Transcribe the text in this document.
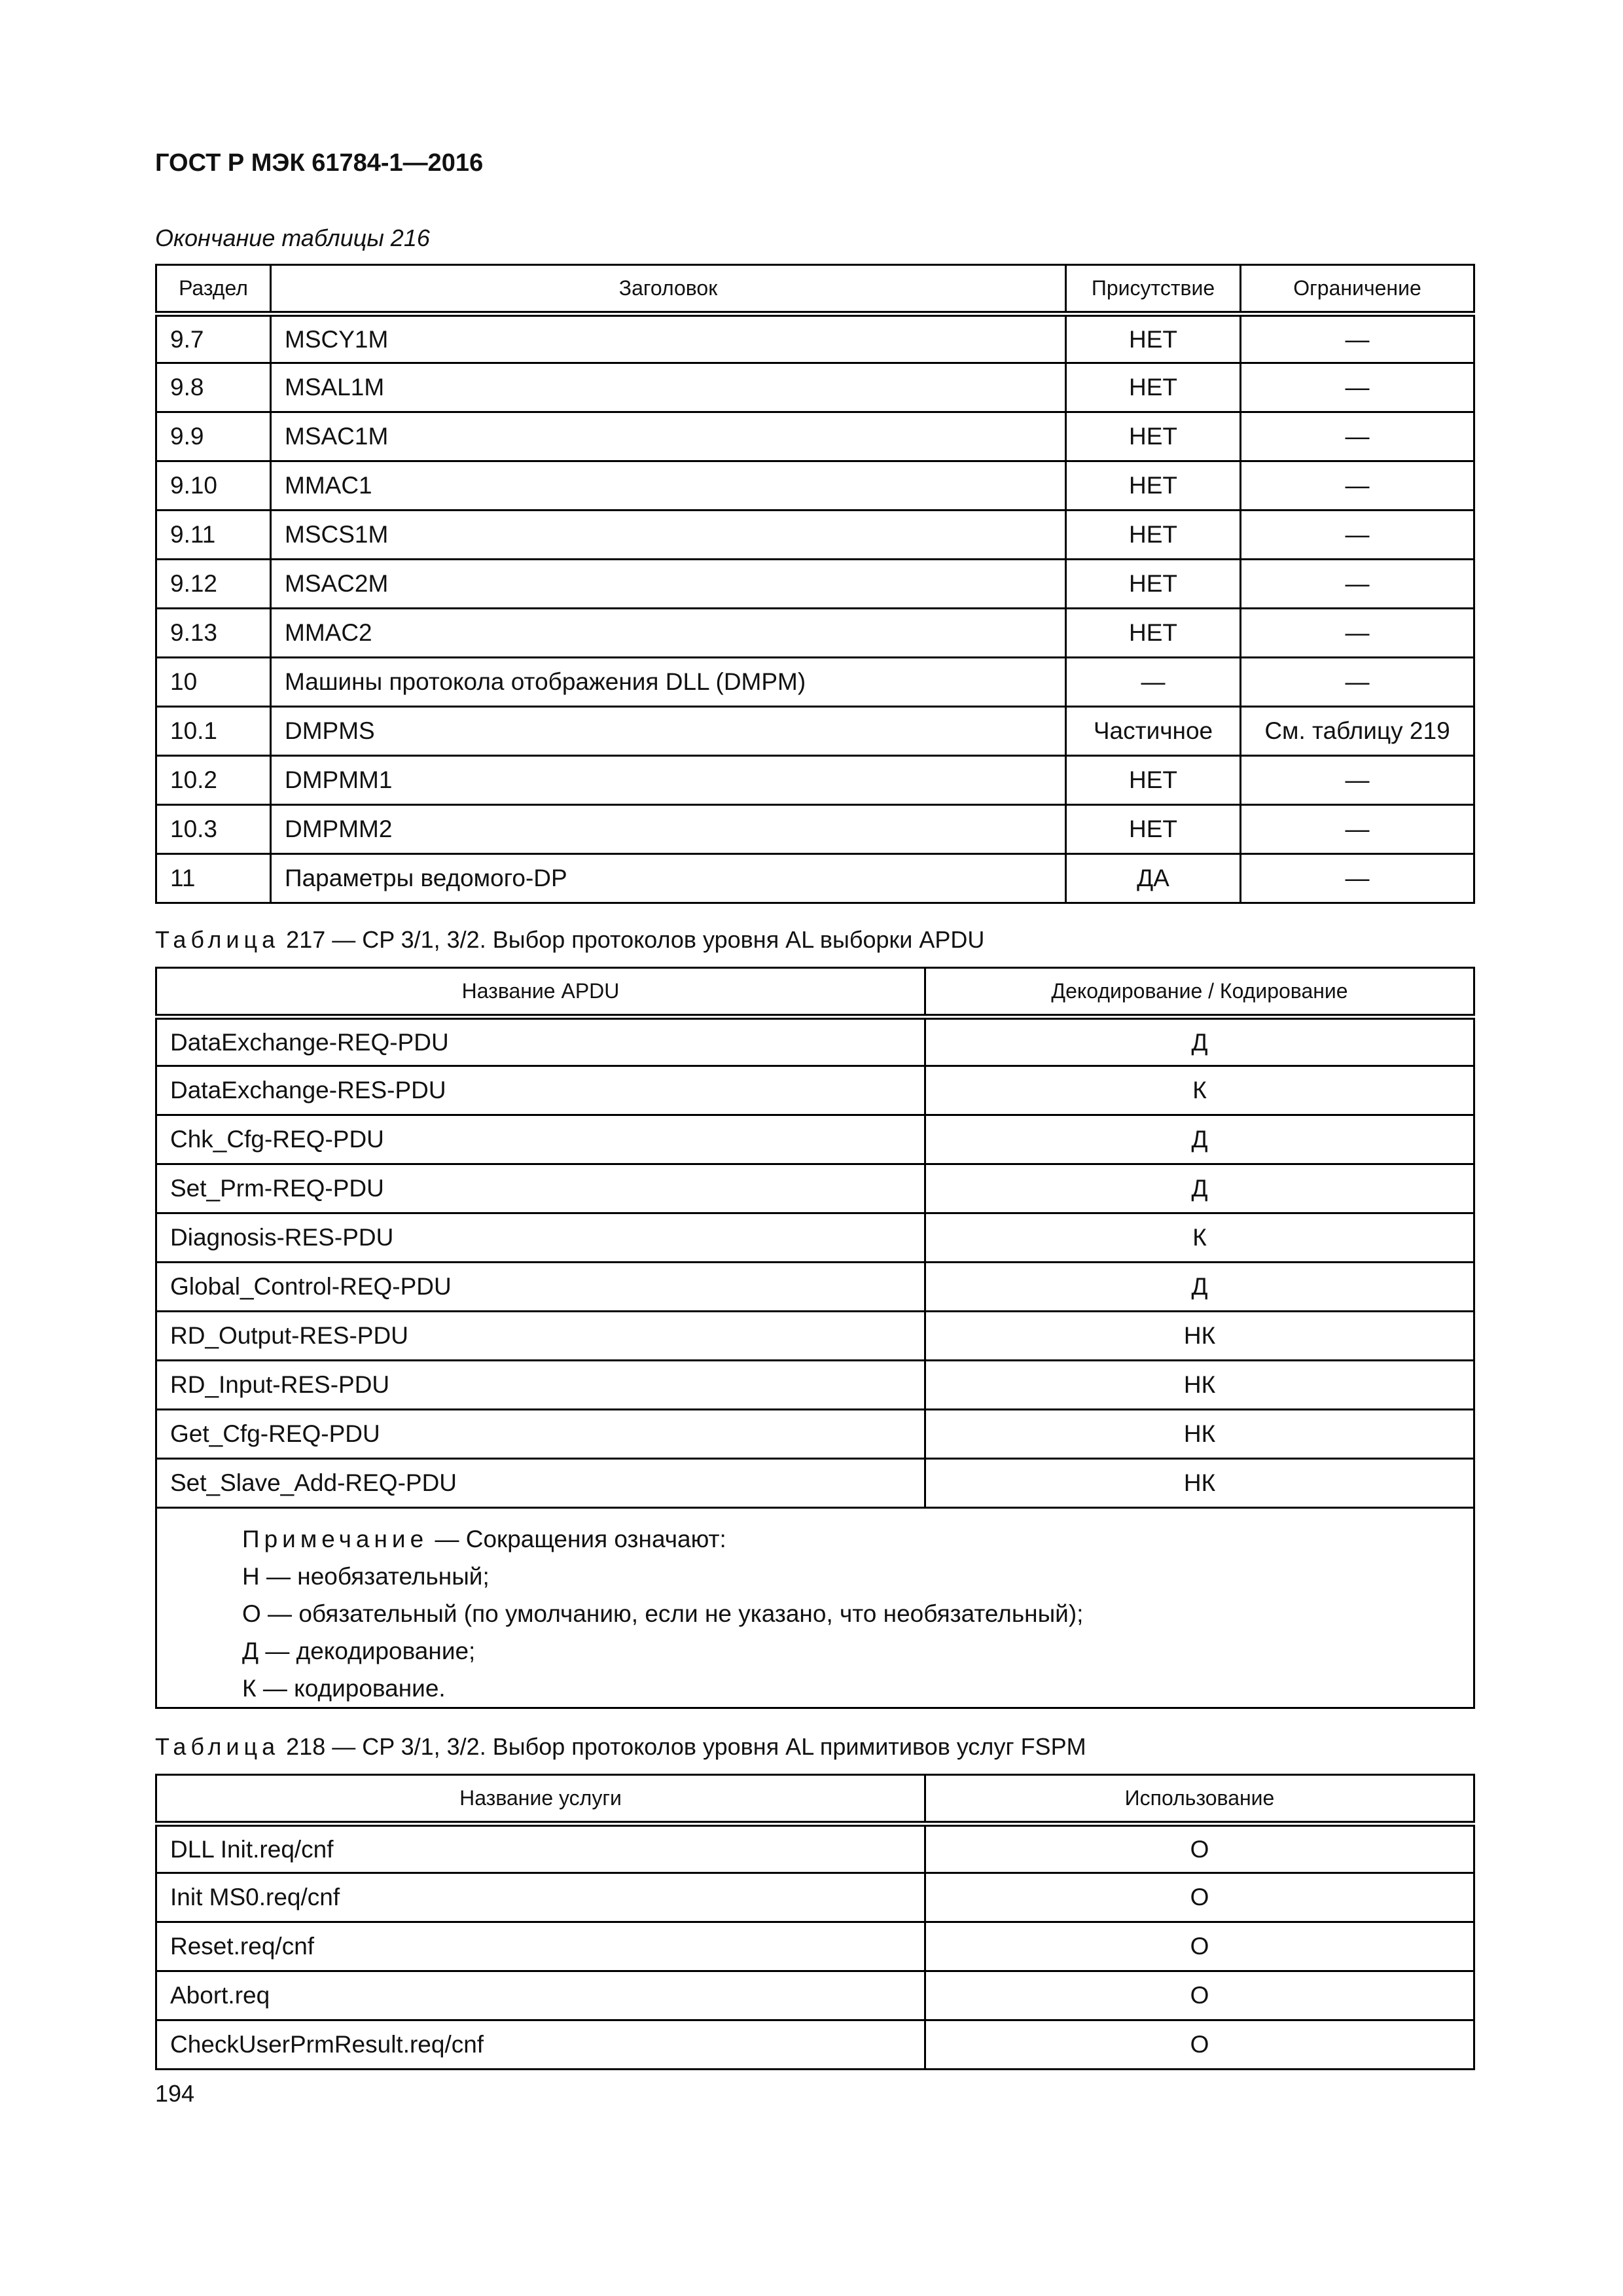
ГОСТ Р МЭК 61784-1—2016
Окончание таблицы 216
Раздел	Заголовок	Присутствие	Ограничение
9.7	MSCY1M	НЕТ	—
9.8	MSAL1M	НЕТ	—
9.9	MSAC1M	НЕТ	—
9.10	MMAC1	НЕТ	—
9.11	MSCS1M	НЕТ	—
9.12	MSAC2M	НЕТ	—
9.13	MMAC2	НЕТ	—
10	Машины протокола отображения DLL (DMPM)	—	—
10.1	DMPMS	Частичное	См. таблицу 219
10.2	DMPMM1	НЕТ	—
10.3	DMPMM2	НЕТ	—
11	Параметры ведомого-DP	ДА	—
Таблица 217 — CP 3/1, 3/2. Выбор протоколов уровня AL выборки APDU
Название APDU	Декодирование / Кодирование
DataExchange-REQ-PDU	Д
DataExchange-RES-PDU	К
Chk_Cfg-REQ-PDU	Д
Set_Prm-REQ-PDU	Д
Diagnosis-RES-PDU	К
Global_Control-REQ-PDU	Д
RD_Output-RES-PDU	НК
RD_Input-RES-PDU	НК
Get_Cfg-REQ-PDU	НК
Set_Slave_Add-REQ-PDU	НК

Примечание — Сокращения означают:
Н — необязательный;
О — обязательный (по умолчанию, если не указано, что необязательный);
Д — декодирование;
К — кодирование.	
Таблица 218 — CP 3/1, 3/2. Выбор протоколов уровня AL примитивов услуг FSPM
Название услуги	Использование
DLL Init.req/cnf	О
Init MS0.req/cnf	О
Reset.req/cnf	О
Abort.req	О
CheckUserPrmResult.req/cnf	О
194
